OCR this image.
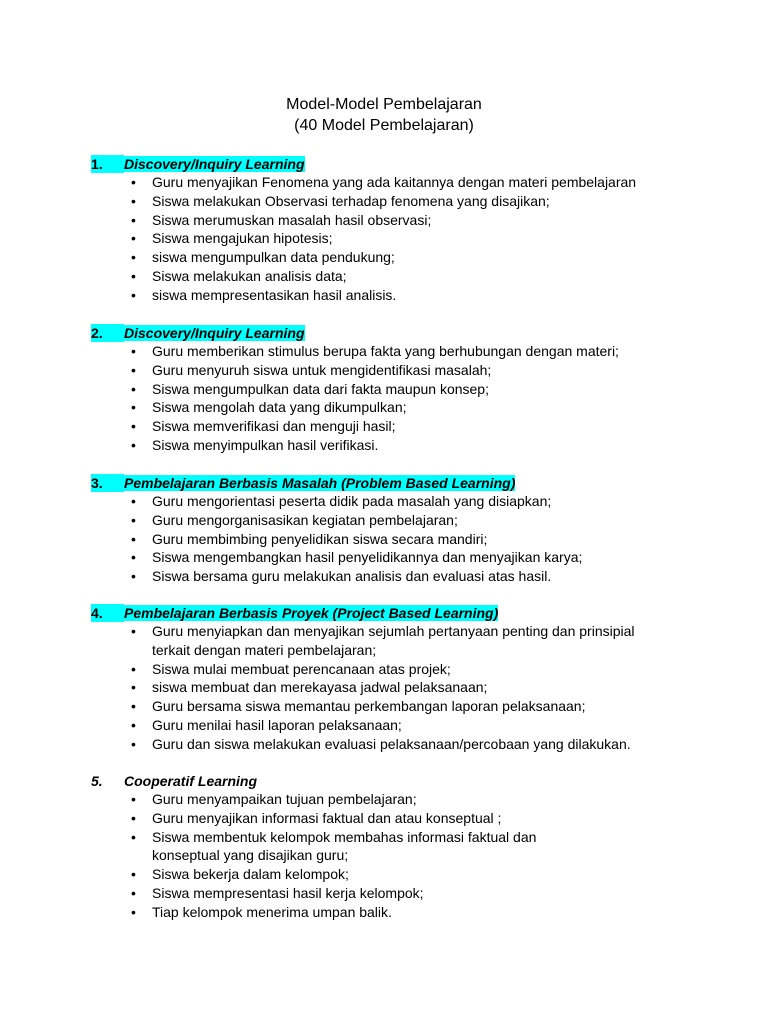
Model-Model Pembelajaran
(40 Model Pembelajaran)
1. Discovery/Inquiry Learning
• Guru menyajikan Fenomena yang ada kaitannya dengan materi pembelajaran
• Siswa melakukan Observasi terhadap fenomena yang disajikan;
• Siswa merumuskan masalah hasil observasi;
• Siswa mengajukan hipotesis;
• siswa mengumpulkan data pendukung;
• Siswa melakukan analisis data;
• siswa mempresentasikan hasil analisis.
2. Discovery/Inquiry Learning
• Guru memberikan stimulus berupa fakta yang berhubungan dengan materi;
• Guru menyuruh siswa untuk mengidentifikasi masalah;
• Siswa mengumpulkan data dari fakta maupun konsep;
• Siswa mengolah data yang dikumpulkan;
• Siswa memverifikasi dan menguji hasil;
• Siswa menyimpulkan hasil verifikasi.
3. Pembelajaran Berbasis Masalah (Problem Based Learning)
• Guru mengorientasi peserta didik pada masalah yang disiapkan;
• Guru mengorganisasikan kegiatan pembelajaran;
• Guru membimbing penyelidikan siswa secara mandiri;
• Siswa mengembangkan hasil penyelidikannya dan menyajikan karya;
• Siswa bersama guru melakukan analisis dan evaluasi atas hasil.
4. Pembelajaran Berbasis Proyek (Project Based Learning)
• Guru menyiapkan dan menyajikan sejumlah pertanyaan penting dan prinsipial terkait dengan materi pembelajaran;
• Siswa mulai membuat perencanaan atas projek;
• siswa membuat dan merekayasa jadwal pelaksanaan;
• Guru bersama siswa memantau perkembangan laporan pelaksanaan;
• Guru menilai hasil laporan pelaksanaan;
• Guru dan siswa melakukan evaluasi pelaksanaan/percobaan yang dilakukan.
5. Cooperatif Learning
• Guru menyampaikan tujuan pembelajaran;
• Guru menyajikan informasi faktual dan atau konseptual ;
• Siswa membentuk kelompok membahas informasi faktual dan konseptual yang disajikan guru;
• Siswa bekerja dalam kelompok;
• Siswa mempresentasi hasil kerja kelompok;
• Tiap kelompok menerima umpan balik.
